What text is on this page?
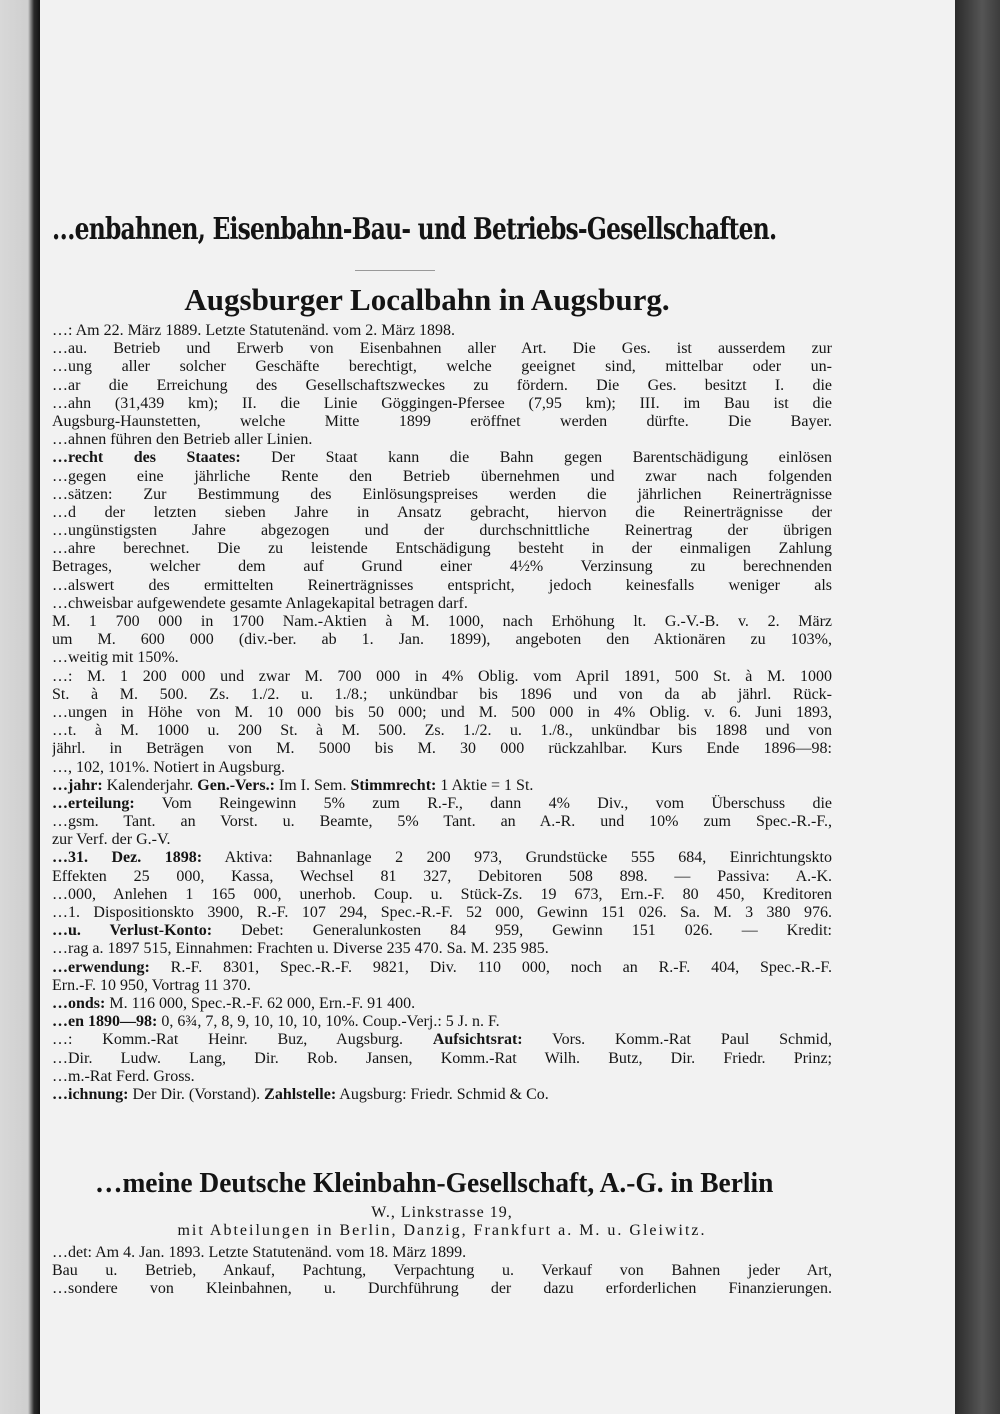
…enbahnen, Eisenbahn-Bau- und Betriebs-Gesellschaften.
Augsburger Localbahn in Augsburg.
…: Am 22. März 1889. Letzte Statutenänd. vom 2. März 1898.
…au. Betrieb und Erwerb von Eisenbahnen aller Art. Die Ges. ist ausserdem zur
…ung aller solcher Geschäfte berechtigt, welche geeignet sind, mittelbar oder un-
…ar die Erreichung des Gesellschaftszweckes zu fördern. Die Ges. besitzt I. die
…ahn (31,439 km); II. die Linie Göggingen-Pfersee (7,95 km); III. im Bau ist die
Augsburg-Haunstetten, welche Mitte 1899 eröffnet werden dürfte. Die Bayer.
…ahnen führen den Betrieb aller Linien.
…recht des Staates: Der Staat kann die Bahn gegen Barentschädigung einlösen
…gegen eine jährliche Rente den Betrieb übernehmen und zwar nach folgenden
…sätzen: Zur Bestimmung des Einlösungspreises werden die jährlichen Reinerträgnisse
…d der letzten sieben Jahre in Ansatz gebracht, hiervon die Reinerträgnisse der
…ungünstigsten Jahre abgezogen und der durchschnittliche Reinertrag der übrigen
…ahre berechnet. Die zu leistende Entschädigung besteht in der einmaligen Zahlung
Betrages, welcher dem auf Grund einer 4½% Verzinsung zu berechnenden
…alswert des ermittelten Reinerträgnisses entspricht, jedoch keinesfalls weniger als
…chweisbar aufgewendete gesamte Anlagekapital betragen darf.
M. 1 700 000 in 1700 Nam.-Aktien à M. 1000, nach Erhöhung lt. G.-V.-B. v. 2. März
um M. 600 000 (div.-ber. ab 1. Jan. 1899), angeboten den Aktionären zu 103%,
…weitig mit 150%.
…: M. 1 200 000 und zwar M. 700 000 in 4% Oblig. vom April 1891, 500 St. à M. 1000
St. à M. 500. Zs. 1./2. u. 1./8.; unkündbar bis 1896 und von da ab jährl. Rück-
…ungen in Höhe von M. 10 000 bis 50 000; und M. 500 000 in 4% Oblig. v. 6. Juni 1893,
…t. à M. 1000 u. 200 St. à M. 500. Zs. 1./2. u. 1./8., unkündbar bis 1898 und von
jährl. in Beträgen von M. 5000 bis M. 30 000 rückzahlbar. Kurs Ende 1896—98:
…, 102, 101%. Notiert in Augsburg.
…jahr: Kalenderjahr. Gen.-Vers.: Im I. Sem. Stimmrecht: 1 Aktie = 1 St.
…erteilung: Vom Reingewinn 5% zum R.-F., dann 4% Div., vom Überschuss die
…gsm. Tant. an Vorst. u. Beamte, 5% Tant. an A.-R. und 10% zum Spec.-R.-F.,
zur Verf. der G.-V.
…31. Dez. 1898: Aktiva: Bahnanlage 2 200 973, Grundstücke 555 684, Einrichtungskto
Effekten 25 000, Kassa, Wechsel 81 327, Debitoren 508 898. — Passiva: A.-K.
…000, Anlehen 1 165 000, unerhob. Coup. u. Stück-Zs. 19 673, Ern.-F. 80 450, Kreditoren
…1. Dispositionskto 3900, R.-F. 107 294, Spec.-R.-F. 52 000, Gewinn 151 026. Sa. M. 3 380 976.
…u. Verlust-Konto: Debet: Generalunkosten 84 959, Gewinn 151 026. — Kredit:
…rag a. 1897 515, Einnahmen: Frachten u. Diverse 235 470. Sa. M. 235 985.
…erwendung: R.-F. 8301, Spec.-R.-F. 9821, Div. 110 000, noch an R.-F. 404, Spec.-R.-F.
Ern.-F. 10 950, Vortrag 11 370.
…onds: M. 116 000, Spec.-R.-F. 62 000, Ern.-F. 91 400.
…en 1890—98: 0, 6¾, 7, 8, 9, 10, 10, 10, 10%. Coup.-Verj.: 5 J. n. F.
…: Komm.-Rat Heinr. Buz, Augsburg. Aufsichtsrat: Vors. Komm.-Rat Paul Schmid,
…Dir. Ludw. Lang, Dir. Rob. Jansen, Komm.-Rat Wilh. Butz, Dir. Friedr. Prinz;
…m.-Rat Ferd. Gross.
…ichnung: Der Dir. (Vorstand). Zahlstelle: Augsburg: Friedr. Schmid & Co.
…meine Deutsche Kleinbahn-Gesellschaft, A.-G. in Berlin
W., Linkstrasse 19,
mit Abteilungen in Berlin, Danzig, Frankfurt a. M. u. Gleiwitz.
…det: Am 4. Jan. 1893. Letzte Statutenänd. vom 18. März 1899.
Bau u. Betrieb, Ankauf, Pachtung, Verpachtung u. Verkauf von Bahnen jeder Art,
…sondere von Kleinbahnen, u. Durchführung der dazu erforderlichen Finanzierungen.
